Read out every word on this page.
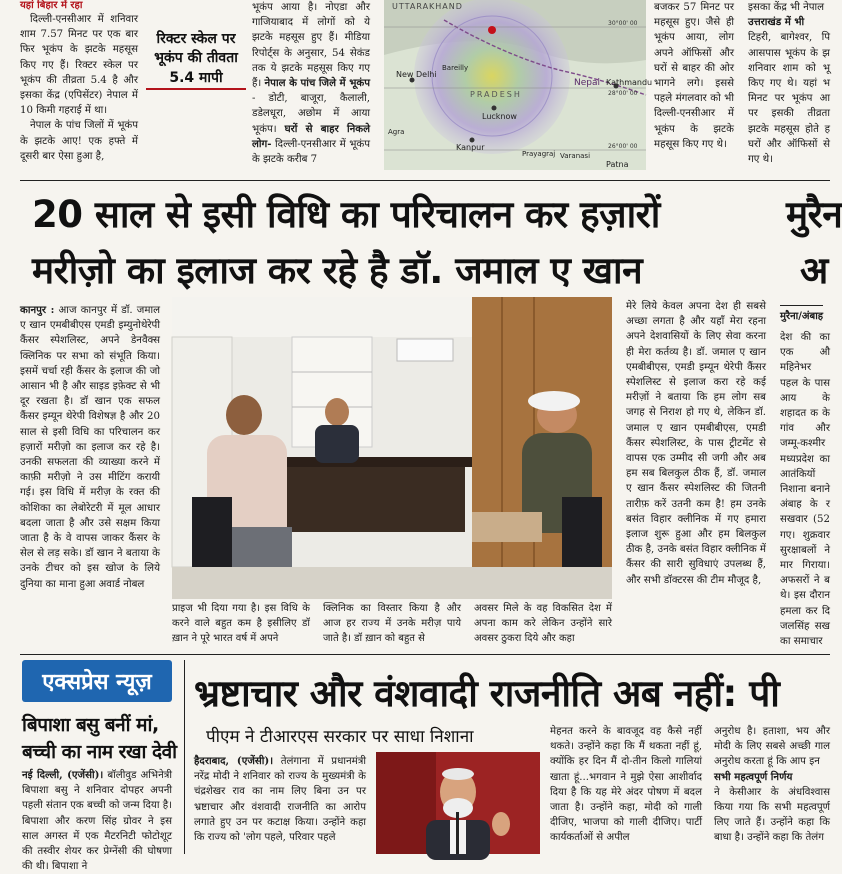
यहां बिहार में रहा

दिल्ली-एनसीआर में शनिवार शाम 7.57 मिनट पर एक बार फिर भूकंप के झटके महसूस किए गए हैं। रिक्टर स्केल पर भूकंप की तीव्रता 5.4 है और इसका केंद्र (एपिसेंटर) नेपाल में 10 किमी गहराई में था।

नेपाल के पांच जिलों में भूकंप के झटके आए! एक हफ्ते में दूसरी बार ऐसा हुआ है,

रिक्टर स्केल पर
भूकंप की तीवता
5.4 मापी
भूकंप आया है। नोएडा और गाजियाबाद में लोगों को ये झटके महसूस हुए हैं। मीडिया रिपोर्ट्स के अनुसार, 54 सेकंड तक ये झटके महसूस किए गए हैं। नेपाल के पांच जिले में भूकंप - डोटी, बाजूरा, कैलाली, डडेलधूरा, अछोम में आया भूकंप। घरों से बाहर निकले लोग- दिल्ली-एनसीआर में भूकंप के झटके करीब 7
UTTARAKHAND
New Delhi
Nepal Kathmandu
Lucknow
Kanpur
Prayagraj Varanasi
Patna
Agra
Bareilly
PRADESH
30°00' 00
28°00' 00
26°00' 00
बजकर 57 मिनट पर महसूस हुए। जैसे ही भूकंप आया, लोग अपने ऑफिसों और घरों से बाहर की ओर भागने लगे। इससे पहले मंगलवार को भी दिल्ली-एनसीआर में भूकंप के झटके महसूस किए गए थे।
इसका केंद्र भी नेपाल
उत्तराखंड में भी
टिहरी, बागेश्वर, पि आसपास भूकंप के झ शनिवार शाम को भू किए गए थे। यहां भ मिनट पर भूकंप आ पर इसकी तीव्रता झटके महसूस होते ह घरों और ऑफिसों से गए थे।
20 साल से इसी विधि का परिचालन कर हज़ारों
मरीज़ो का इलाज कर रहे है डॉ. जमाल ए खान
कानपुर : आज कानपुर में डॉ. जमाल ए खान एमबीबीएस एमडी इम्युनोथेरेपी कैंसर स्पेशलिस्ट, अपने डेनवैक्स क्लिनिक पर सभा को संभूति किया। इसमें चर्चा रही कैंसर के इलाज की जो आसान भी है और साइड इफ़ेक्ट से भी दूर रखता है। डॉ खान एक सफल कैंसर इम्यून थेरेपी विशेषज्ञ है और 20 साल से इसी विधि का परिचालन कर हज़ारों मरीज़ो का इलाज कर रहे है। उनकी सफलता की व्याख्या करने में काफ़ी मरीज़ो ने उस मीटिंग करायी गई। इस विधि में मरीज़ के रक्त की कोशिका का लेबोरेटरी में मूल आधार बदला जाता है और उसे सक्षम किया जाता है के वे वापस जाकर कैंसर के सेल से लड़ सके। डॉ खान ने बताया के उनके टीचर को इस खोज के लिये दुनिया का माना हुआ अवार्ड नोबल
प्राइज भी दिया गया है। इस विधि के करने वाले बहुत कम है इसीलिए डॉ ख़ान ने पूरे भारत वर्ष में अपने
क्लिनिक का विस्तार किया है और आज हर राज्य में उनके मरीज़ पाये जाते है। डॉ ख़ान को बहुत से
अवसर मिले के वह विकसित देश में अपना काम करे लेकिन उन्होंने सारे अवसर ठुकरा दिये और कहा
मेरे लिये केवल अपना देश ही सबसे अच्छा लगता है और यहाँ मेरा रहना अपने देशवासियों के लिए सेवा करना ही मेरा कर्तव्य है। डॉ. जमाल ए खान एमबीबीएस, एमडी इम्यून थेरेपी कैंसर स्पेशलिस्ट से इलाज करा रहे कई मरीज़ों ने बताया कि हम लोग सब जगह से निराश हो गए थे, लेकिन डॉ. जमाल ए खान एमबीबीएस, एमडी कैंसर स्पेशलिस्ट, के पास ट्रीटमेंट से वापस एक उम्मीद सी जगी और अब हम सब बिलकुल ठीक हैं, डॉ. जमाल ए खान कैंसर स्पेशलिस्ट की जितनी तारीफ़ करें उतनी कम है! हम उनके बसंत विहार क्लीनिक में गए हमारा इलाज शुरू हुआ और हम बिलकुल ठीक है, उनके बसंत विहार क्लीनिक में कैंसर की सारी सुविधाएं उपलब्ध हैं, और सभी डॉक्टरस की टीम मौजूद है,
मुरैन
अ
मुरैना/अंबाह
देश की का एक औ महिनेभर पहल के पास आय के शहादत क के गांव और जम्मू-कश्मीर मध्यप्रदेश का आतंकियों निशाना बनाने अंबाह के र सखवार (52 गए। शुक्रवार सुरक्षाबलों ने मार गिराया। अफसरों ने ब थे। इस दौरान हमला कर दि जलसिंह सख का समाचार
एक्सप्रेस न्यूज़
बिपाशा बसु बनीं मां,
बच्ची का नाम रखा देवी
नई दिल्ली, (एजेंसी)। बॉलीवुड अभिनेत्री बिपाशा बसु ने शनिवार दोपहर अपनी पहली संतान एक बच्ची को जन्म दिया है। बिपाशा और करण सिंह ग्रोवर ने इस साल अगस्त में एक मैटरनिटी फोटोशूट की तस्वीर शेयर कर प्रेग्नेंसी की घोषणा की थी। बिपाशा ने
भ्रष्टाचार और वंशवादी राजनीति अब नहीं: पी
पीएम ने टीआरएस सरकार पर साधा निशाना
हैदराबाद, (एजेंसी)। तेलंगाना में प्रधानमंत्री नरेंद्र मोदी ने शनिवार को राज्य के मुख्यमंत्री के चंद्रशेखर राव का नाम लिए बिना उन पर भ्रष्टाचार और वंशवादी राजनीति का आरोप लगाते हुए उन पर कटाक्ष किया। उन्होंने कहा कि राज्य को 'लोग पहले, परिवार पहले
मेहनत करने के बावजूद वह कैसे नहीं थकते। उन्होंने कहा कि मैं थकता नहीं हूं, क्योंकि हर दिन मैं दो-तीन किलो गालियां खाता हूं...भगवान ने मुझे ऐसा आशीर्वाद दिया है कि यह मेरे अंदर पोषण में बदल जाता है। उन्होंने कहा, मोदी को गाली दीजिए, भाजपा को गाली दीजिए। पार्टी कार्यकर्ताओं से अपील
अनुरोध है। हताशा, भय और मोदी के लिए सबसे अच्छी गाल अनुरोध करता हूं कि आप इन
सभी महत्वपूर्ण निर्णय
ने केसीआर के अंधविश्वास किया गया कि सभी महत्वपूर्ण लिए जाते हैं। उन्होंने कहा कि बाधा है। उन्होंने कहा कि तेलंग
